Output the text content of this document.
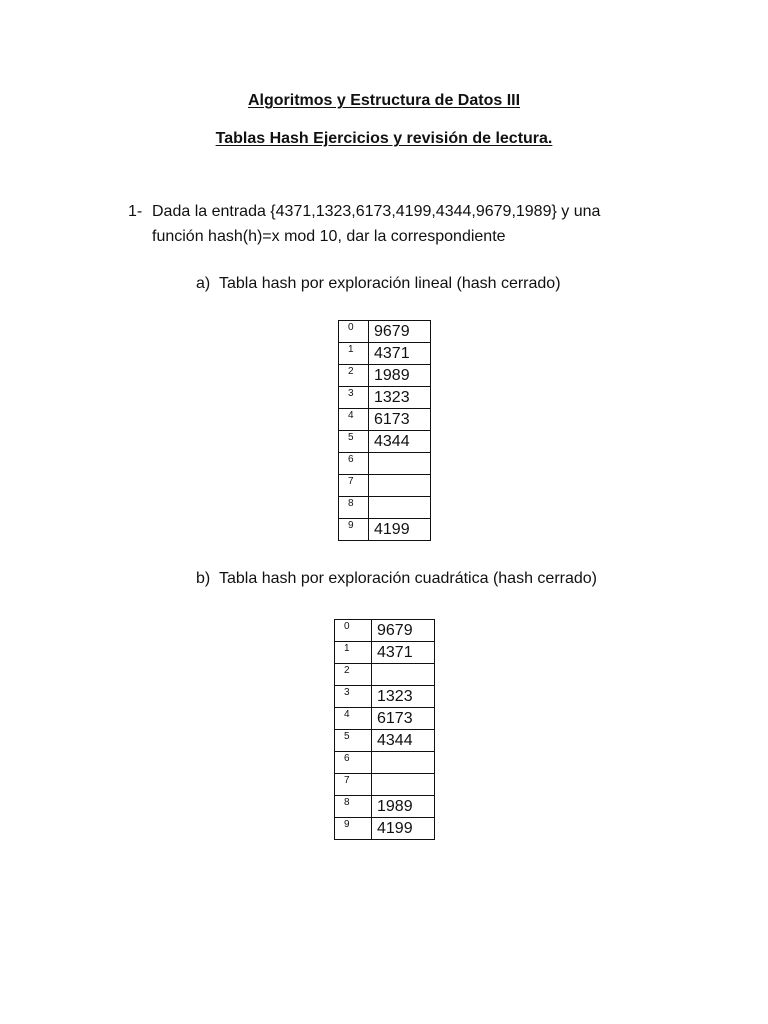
Algoritmos y Estructura de Datos III
Tablas Hash Ejercicios y revisión de lectura.
1- Dada la entrada {4371,1323,6173,4199,4344,9679,1989} y una
función hash(h)=x mod 10, dar la correspondiente
a) Tabla hash por exploración lineal (hash cerrado)
0	9679
1	4371
2	1989
3	1323
4	6173
5	4344
6	
7	
8	
9	4199
b) Tabla hash por exploración cuadrática (hash cerrado)
0	9679
1	4371
2	
3	1323
4	6173
5	4344
6	
7	
8	1989
9	4199
